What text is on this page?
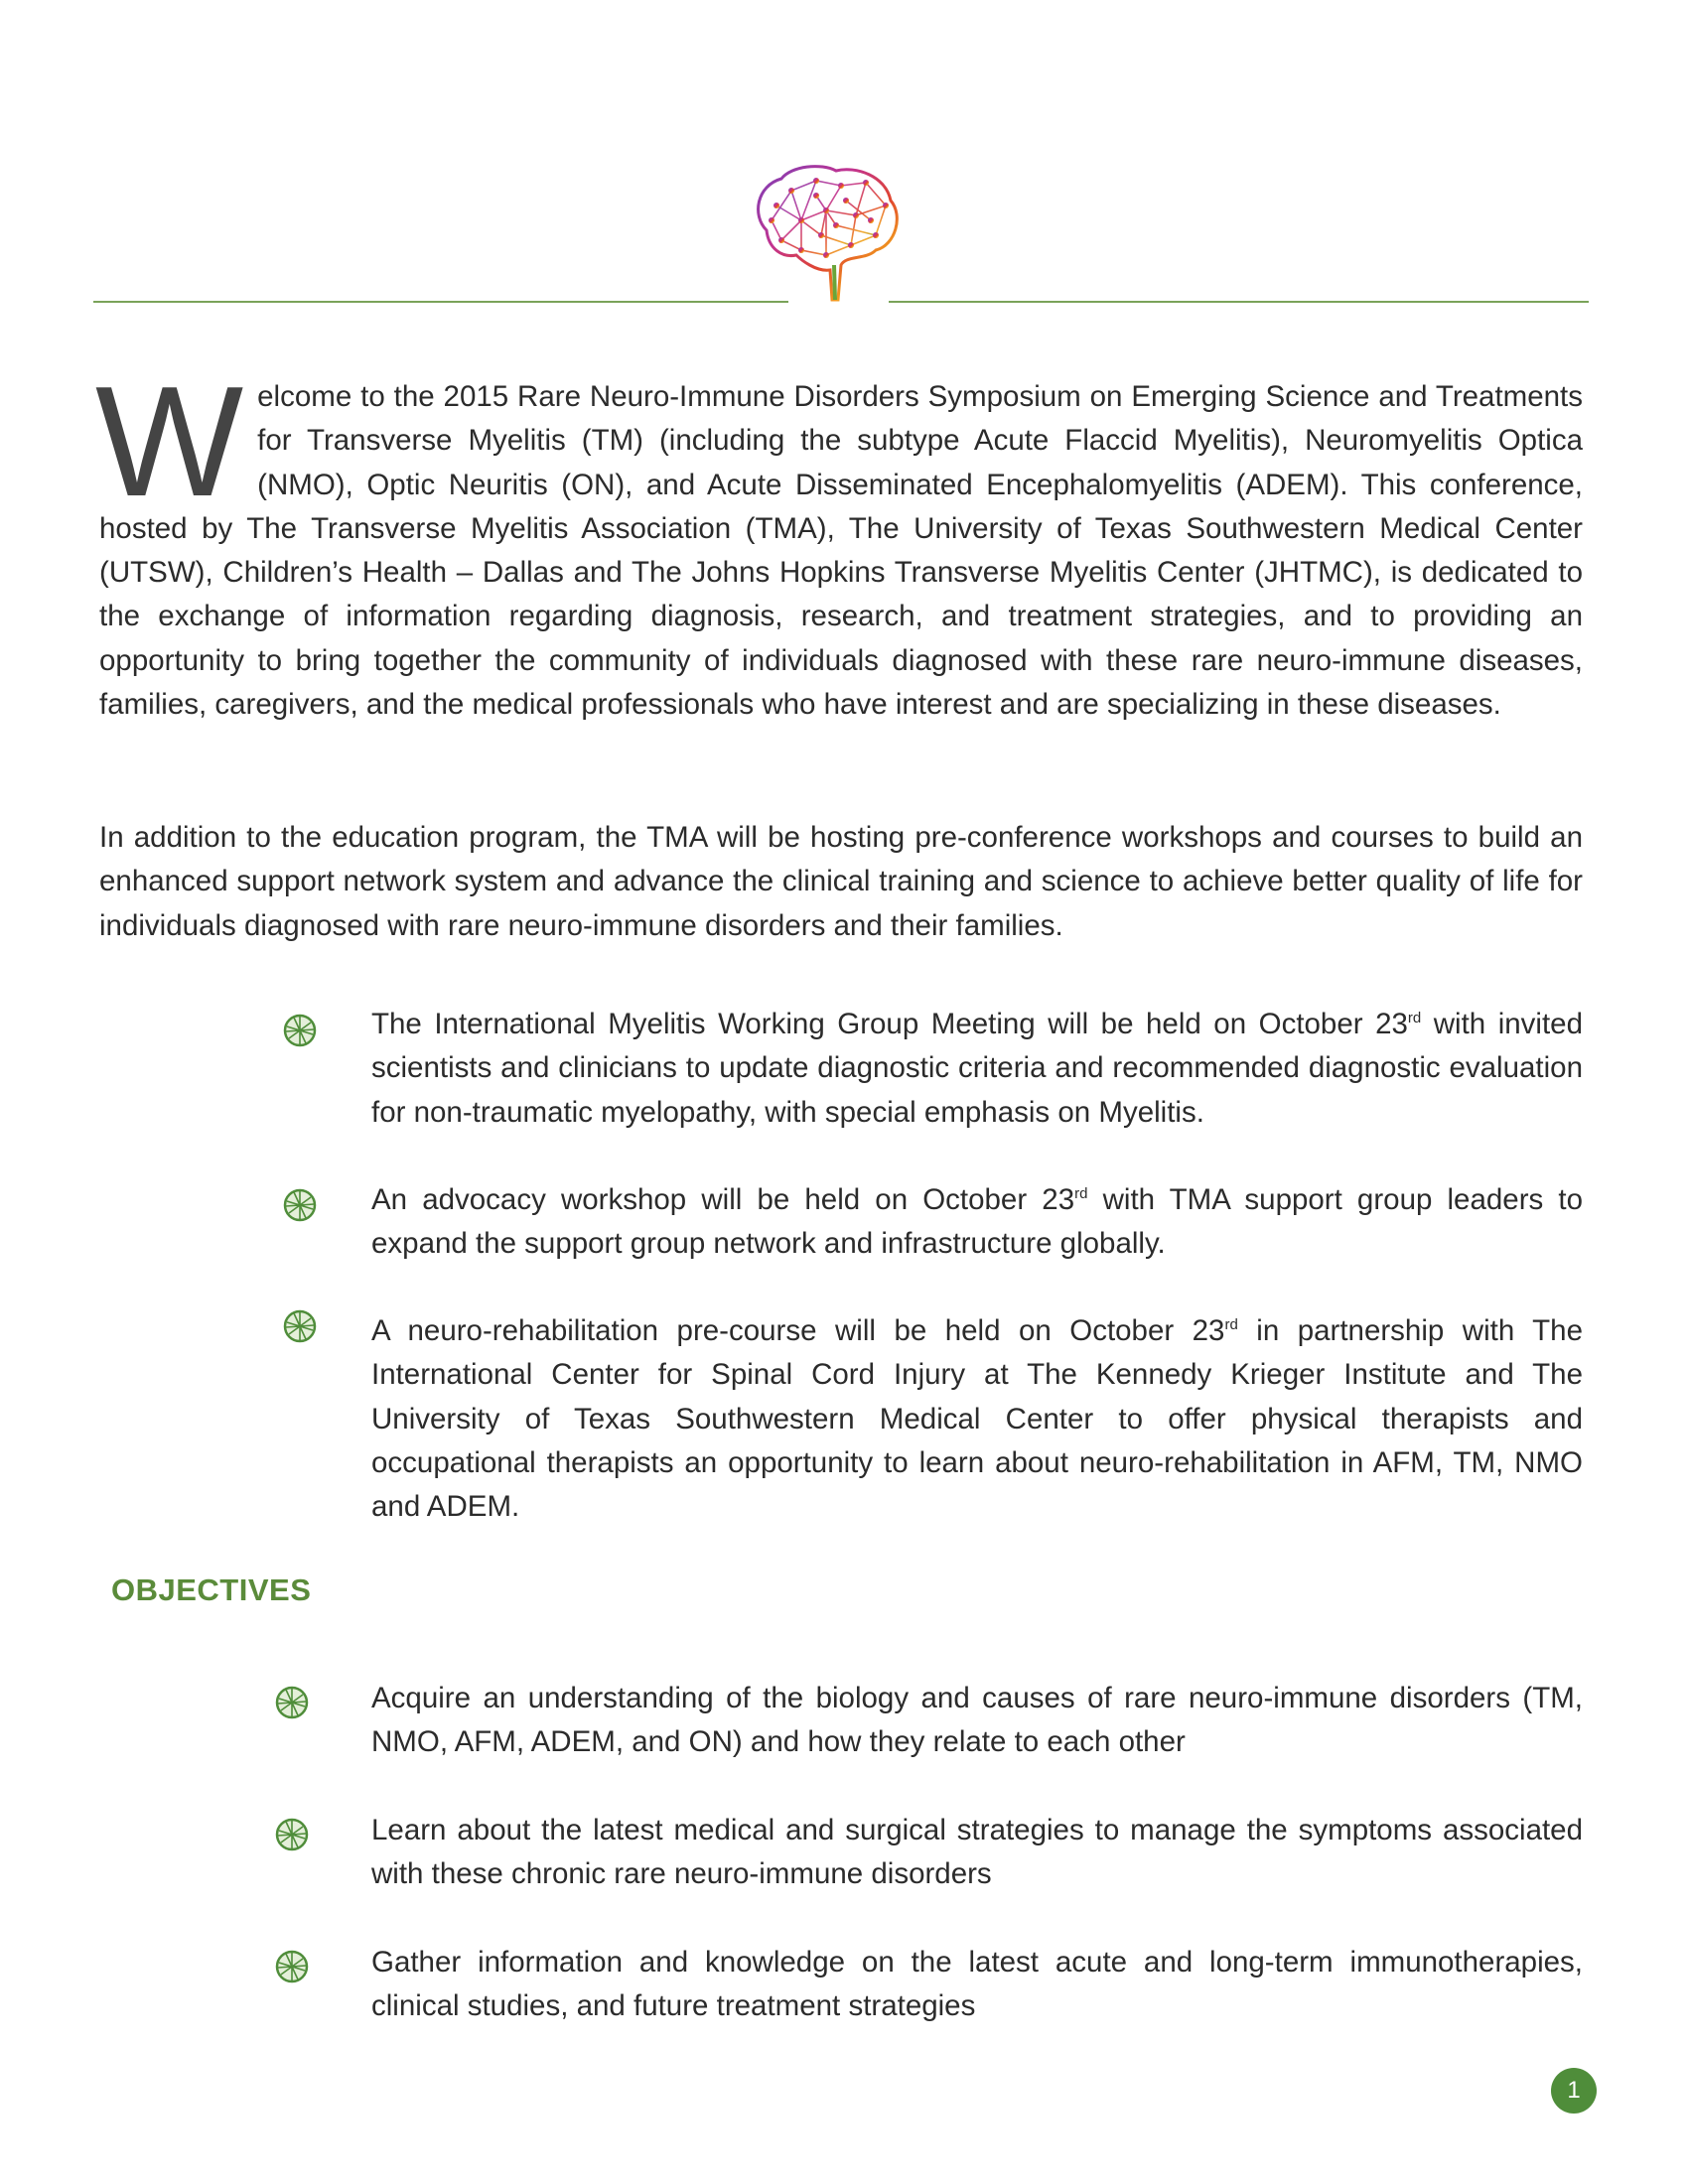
Welcome to the 2015 Rare Neuro-Immune Disorders Symposium on Emerging Science and Treatments for Transverse Myelitis (TM) (including the subtype Acute Flaccid Myelitis), Neuromyelitis Optica (NMO), Optic Neuritis (ON), and Acute Disseminated Encephalomyelitis (ADEM). This conference, hosted by The Transverse Myelitis Association (TMA), The University of Texas Southwestern Medical Center (UTSW), Children’s Health – Dallas and The Johns Hopkins Transverse Myelitis Center (JHTMC), is dedicated to the exchange of information regarding diagnosis, research, and treatment strategies, and to providing an opportunity to bring together the community of individuals diagnosed with these rare neuro-immune diseases, families, caregivers, and the medical professionals who have interest and are specializing in these diseases.
In addition to the education program, the TMA will be hosting pre-conference workshops and courses to build an enhanced support network system and advance the clinical training and science to achieve better quality of life for individuals diagnosed with rare neuro-immune disorders and their families.
The International Myelitis Working Group Meeting will be held on October 23rd with invited scientists and clinicians to update diagnostic criteria and recommended diagnostic evaluation for non-traumatic myelopathy, with special emphasis on Myelitis.
An advocacy workshop will be held on October 23rd with TMA support group leaders to expand the support group network and infrastructure globally.
A neuro-rehabilitation pre-course will be held on October 23rd in partnership with The International Center for Spinal Cord Injury at The Kennedy Krieger Institute and The University of Texas Southwestern Medical Center to offer physical therapists and occupational therapists an opportunity to learn about neuro-rehabilitation in AFM, TM, NMO and ADEM.
OBJECTIVES
Acquire an understanding of the biology and causes of rare neuro-immune disorders (TM, NMO, AFM, ADEM, and ON) and how they relate to each other
Learn about the latest medical and surgical strategies to manage the symptoms associated with these chronic rare neuro-immune disorders
Gather information and knowledge on the latest acute and long-term immunotherapies, clinical studies, and future treatment strategies
1
